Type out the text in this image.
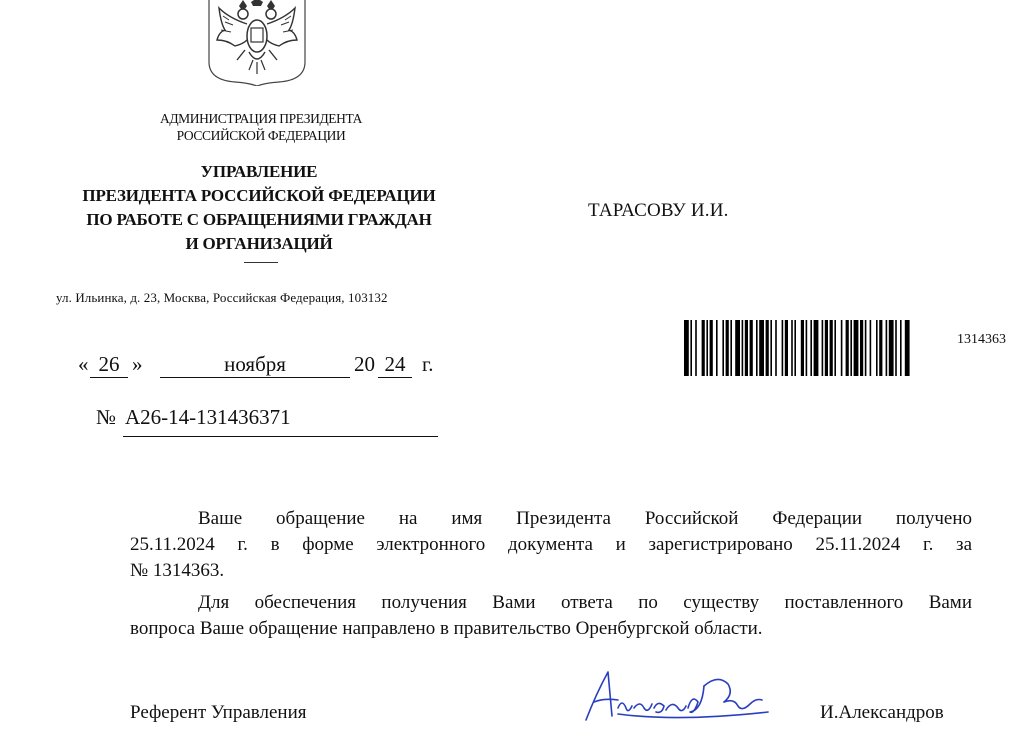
АДМИНИСТРАЦИЯ ПРЕЗИДЕНТА
РОССИЙСКОЙ ФЕДЕРАЦИИ
УПРАВЛЕНИЕ
ПРЕЗИДЕНТА РОССИЙСКОЙ ФЕДЕРАЦИИ
ПО РАБОТЕ С ОБРАЩЕНИЯМИ ГРАЖДАН
И ОРГАНИЗАЦИЙ
ул. Ильинка, д. 23, Москва, Российская Федерация, 103132
ТАРАСОВУ И.И.
1314363
« 26 »	ноября	20 24 г.
№ А26-14-131436371
Ваше обращение на имя Президента Российской Федерации получено
25.11.2024 г. в форме электронного документа и зарегистрировано 25.11.2024 г. за
№ 1314363.
Для обеспечения получения Вами ответа по существу поставленного Вами
вопроса Ваше обращение направлено в правительство Оренбургской области.
Референт Управления	И.Александров
